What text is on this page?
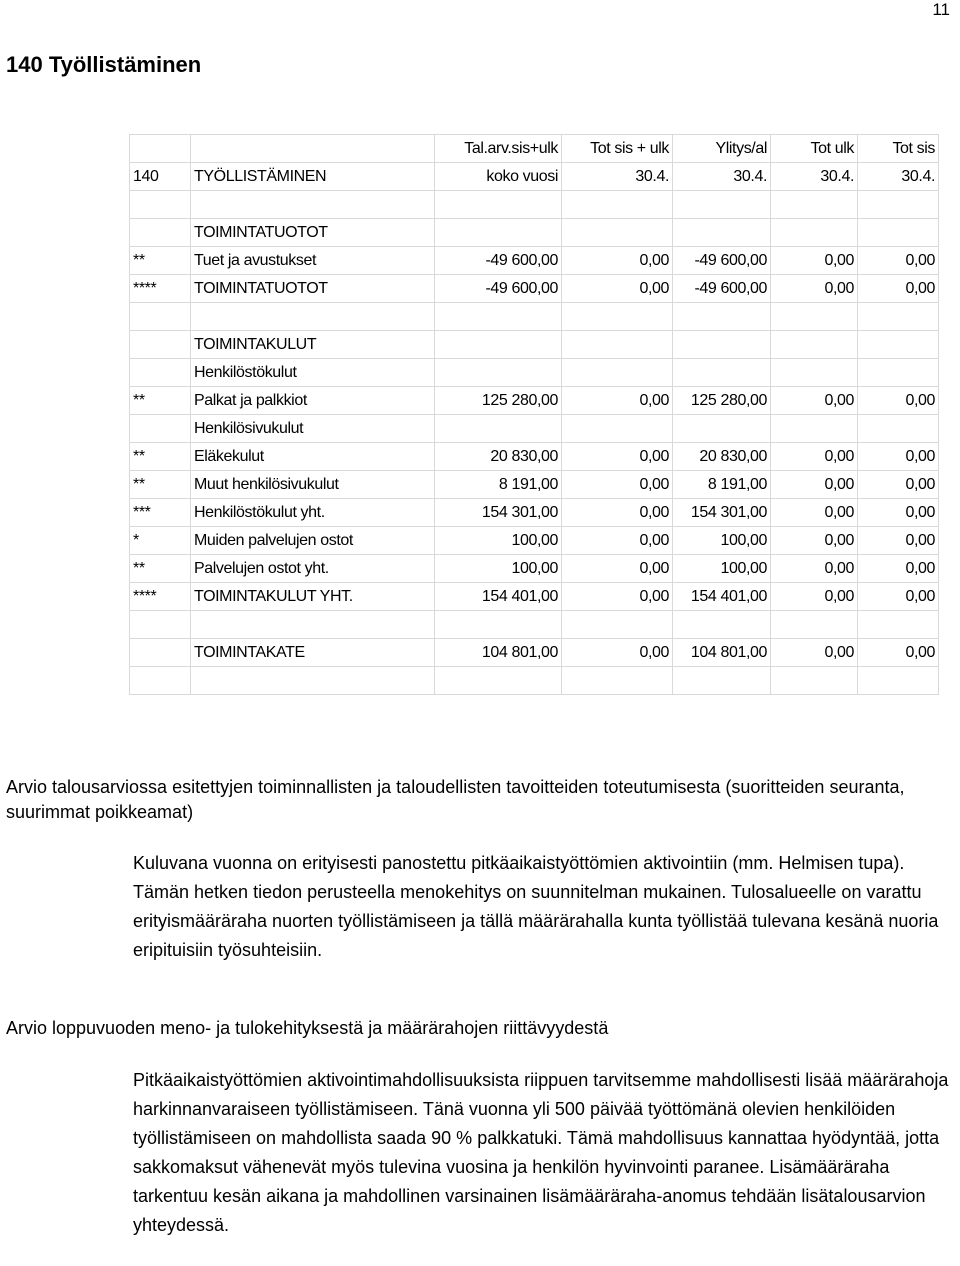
11
140 Työllistäminen
		Tal.arv.sis+ulk	Tot sis + ulk	Ylitys/al	Tot ulk	Tot sis
140	TYÖLLISTÄMINEN	koko vuosi	30.4.	30.4.	30.4.	30.4.

	TOIMINTATUOTOT					
**	Tuet ja avustukset	-49 600,00	0,00	-49 600,00	0,00	0,00
****	TOIMINTATUOTOT	-49 600,00	0,00	-49 600,00	0,00	0,00

	TOIMINTAKULUT					
	Henkilöstökulut					
**	Palkat ja palkkiot	125 280,00	0,00	125 280,00	0,00	0,00
	Henkilösivukulut					
**	Eläkekulut	20 830,00	0,00	20 830,00	0,00	0,00
**	Muut henkilösivukulut	8 191,00	0,00	8 191,00	0,00	0,00
***	Henkilöstökulut yht.	154 301,00	0,00	154 301,00	0,00	0,00
*	Muiden palvelujen ostot	100,00	0,00	100,00	0,00	0,00
**	Palvelujen ostot yht.	100,00	0,00	100,00	0,00	0,00
****	TOIMINTAKULUT YHT.	154 401,00	0,00	154 401,00	0,00	0,00

	TOIMINTAKATE	104 801,00	0,00	104 801,00	0,00	0,00

Arvio talousarviossa esitettyjen toiminnallisten ja taloudellisten tavoitteiden toteutumisesta (suoritteiden seuranta, suurimmat poikkeamat)
Kuluvana vuonna on erityisesti panostettu pitkäaikaistyöttömien aktivointiin (mm. Helmisen tupa). Tämän hetken tiedon perusteella menokehitys on suunnitelman mukainen. Tulosalueelle on varattu erityismääräraha nuorten työllistämiseen ja tällä määrärahalla kunta työllistää tulevana kesänä nuoria eripituisiin työsuhteisiin.
Arvio loppuvuoden meno- ja tulokehityksestä ja määrärahojen riittävyydestä
Pitkäaikaistyöttömien aktivointimahdollisuuksista riippuen tarvitsemme mahdollisesti lisää määrärahoja harkinnanvaraiseen työllistämiseen. Tänä vuonna yli 500 päivää työttömänä olevien henkilöiden työllistämiseen on mahdollista saada 90 % palkkatuki. Tämä mahdollisuus kannattaa hyödyntää, jotta sakkomaksut vähenevät myös tulevina vuosina ja henkilön hyvinvointi paranee. Lisämääräraha tarkentuu kesän aikana ja mahdollinen varsinainen lisämääräraha-anomus tehdään lisätalousarvion yhteydessä.
